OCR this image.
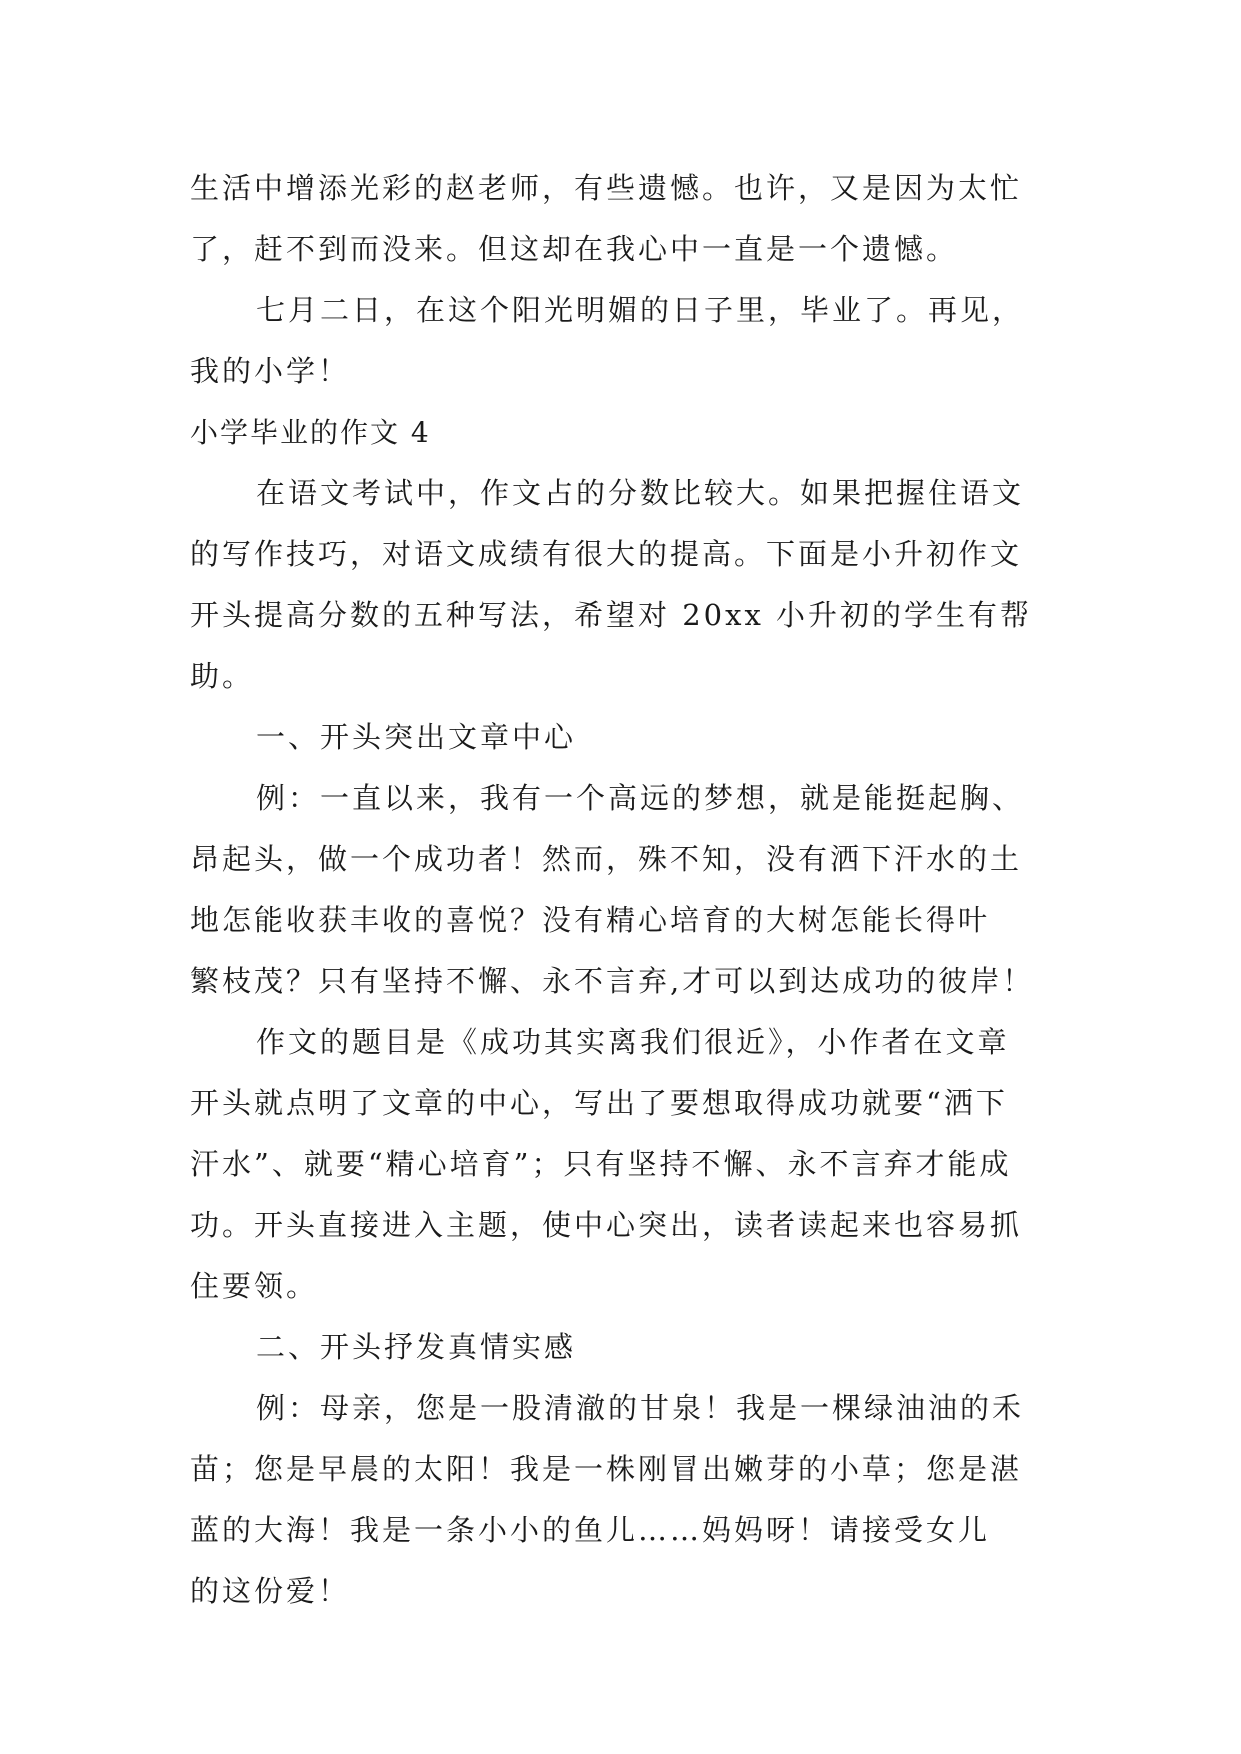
生活中增添光彩的赵老师，有些遗憾。也许，又是因为太忙
了，赶不到而没来。但这却在我心中一直是一个遗憾。
七月二日，在这个阳光明媚的日子里，毕业了。再见，
我的小学！
小学毕业的作文 4
在语文考试中，作文占的分数比较大。如果把握住语文
的写作技巧，对语文成绩有很大的提高。下面是小升初作文
开头提高分数的五种写法，希望对 20xx 小升初的学生有帮
助。
一、开头突出文章中心
例：一直以来，我有一个高远的梦想，就是能挺起胸、
昂起头，做一个成功者！然而，殊不知，没有洒下汗水的土
地怎能收获丰收的喜悦？没有精心培育的大树怎能长得叶
繁枝茂？只有坚持不懈、永不言弃,才可以到达成功的彼岸！
作文的题目是《成功其实离我们很近》，小作者在文章
开头就点明了文章的中心，写出了要想取得成功就要“洒下
汗水”、就要“精心培育”；只有坚持不懈、永不言弃才能成
功。开头直接进入主题，使中心突出，读者读起来也容易抓
住要领。
二、开头抒发真情实感
例：母亲，您是一股清澈的甘泉！我是一棵绿油油的禾
苗；您是早晨的太阳！我是一株刚冒出嫩芽的小草；您是湛
蓝的大海！我是一条小小的鱼儿……妈妈呀！请接受女儿
的这份爱！
